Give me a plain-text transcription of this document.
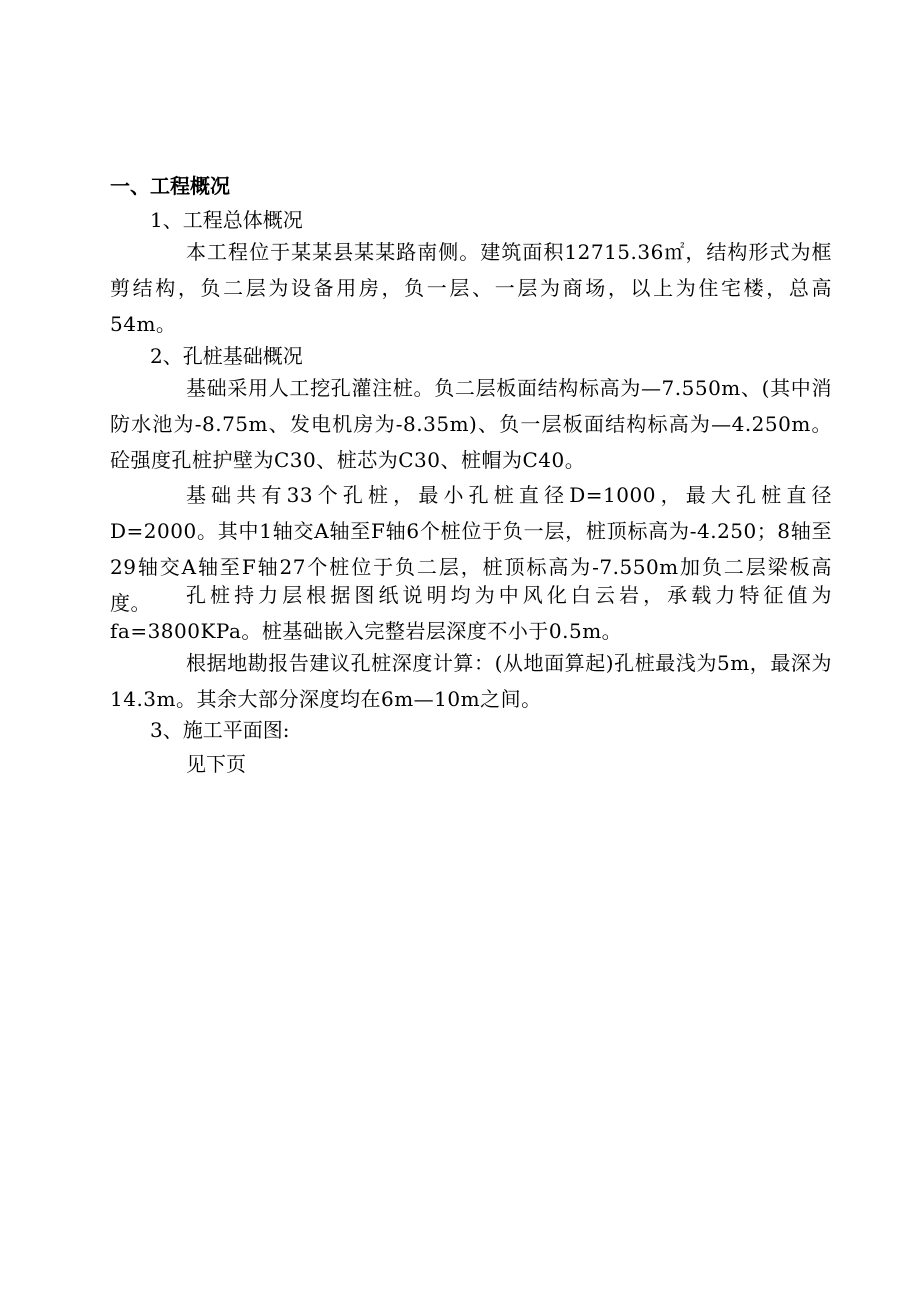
一、工程概况
1、工程总体概况
本工程位于某某县某某路南侧。建筑面积12715.36㎡，结构形式为框剪结构，负二层为设备用房，负一层、一层为商场，以上为住宅楼，总高54m。
2、孔桩基础概况
基础采用人工挖孔灌注桩。负二层板面结构标高为—7.550m、(其中消防水池为-8.75m、发电机房为-8.35m)、负一层板面结构标高为—4.250m。砼强度孔桩护壁为C30、桩芯为C30、桩帽为C40。
基础共有33个孔桩，最小孔桩直径D=1000，最大孔桩直径D=2000。其中1轴交A轴至F轴6个桩位于负一层，桩顶标高为-4.250；8轴至29轴交A轴至F轴27个桩位于负二层，桩顶标高为-7.550m加负二层梁板高度。	孔桩持力层根据图纸说明均为中风化白云岩，承载力特征值为fa=3800KPa。桩基础嵌入完整岩层深度不小于0.5m。
根据地勘报告建议孔桩深度计算：(从地面算起)孔桩最浅为5m，最深为14.3m。其余大部分深度均在6m—10m之间。
3、施工平面图:
见下页
